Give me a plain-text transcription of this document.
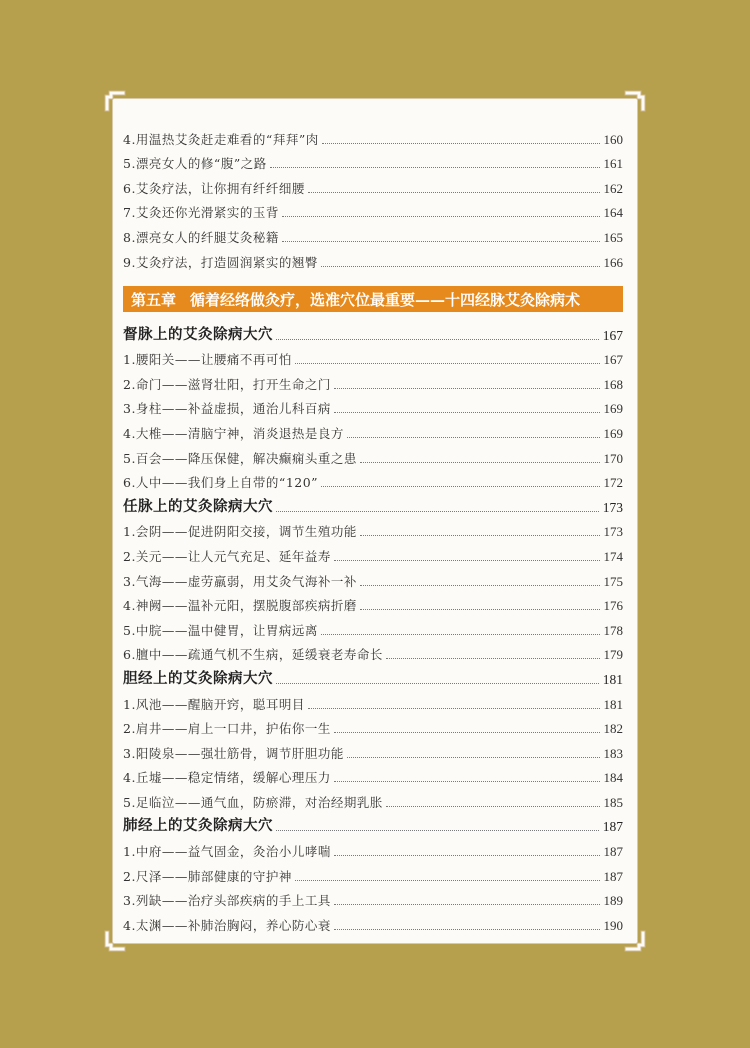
4.用温热艾灸赶走难看的“拜拜”肉	160
5.漂亮女人的修“腹”之路	161
6.艾灸疗法，让你拥有纤纤细腰	162
7.艾灸还你光滑紧实的玉背	164
8.漂亮女人的纤腿艾灸秘籍	165
9.艾灸疗法，打造圆润紧实的翘臀	166
第五章 循着经络做灸疗，选准穴位最重要——十四经脉艾灸除病术
督脉上的艾灸除病大穴	167
1.腰阳关——让腰痛不再可怕	167
2.命门——滋肾壮阳，打开生命之门	168
3.身柱——补益虚损，通治儿科百病	169
4.大椎——清脑宁神，消炎退热是良方	169
5.百会——降压保健，解决癫痫头重之患	170
6.人中——我们身上自带的“120”	172
任脉上的艾灸除病大穴	173
1.会阴——促进阴阳交接，调节生殖功能	173
2.关元——让人元气充足、延年益寿	174
3.气海——虚劳羸弱，用艾灸气海补一补	175
4.神阙——温补元阳，摆脱腹部疾病折磨	176
5.中脘——温中健胃，让胃病远离	178
6.膻中——疏通气机不生病，延缓衰老寿命长	179
胆经上的艾灸除病大穴	181
1.风池——醒脑开窍，聪耳明目	181
2.肩井——肩上一口井，护佑你一生	182
3.阳陵泉——强壮筋骨，调节肝胆功能	183
4.丘墟——稳定情绪，缓解心理压力	184
5.足临泣——通气血，防瘀滞，对治经期乳胀	185
肺经上的艾灸除病大穴	187
1.中府——益气固金，灸治小儿哮喘	187
2.尺泽——肺部健康的守护神	187
3.列缺——治疗头部疾病的手上工具	189
4.太渊——补肺治胸闷，养心防心衰	190
